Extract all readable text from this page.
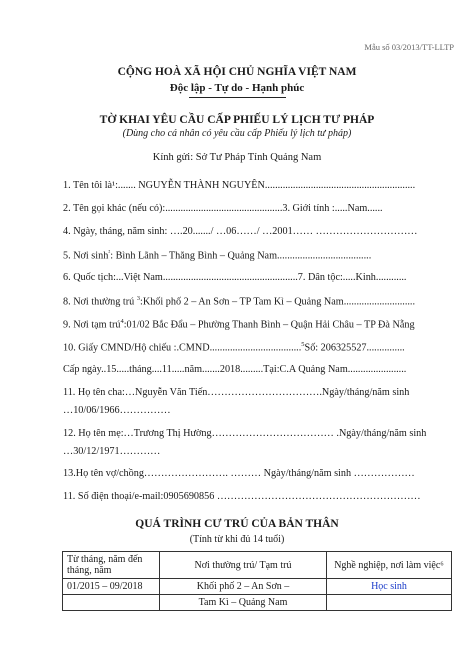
Mẫu số 03/2013/TT-LLTP
CỘNG HOÀ XÃ HỘI CHỦ NGHĨA VIỆT NAM
Độc lập - Tự do - Hạnh phúc
TỜ KHAI YÊU CẦU CẤP PHIẾU LÝ LỊCH TƯ PHÁP
(Dùng cho cá nhân có yêu cầu cấp Phiếu lý lịch tư pháp)
Kính gửi: Sở Tư Pháp Tỉnh Quảng Nam
1. Tên tôi là¹:....... NGUYỄN THÀNH NGUYÊN...........................................................
2. Tên gọi khác (nếu có):..............................................3. Giới tính :.....Nam......
4. Ngày, tháng, năm sinh: ….20......./ …06……/ …2001…… …………………………
5. Nơi $\sinh^{^2}$: Bình Lãnh – Thăng Bình – Quảng Nam.....................................
6. Quốc tịch:...Việt Nam.....................................................7. Dân tộc:.....Kinh............
8. Nơi thường trú $^3$:Khối phố 2 – An Sơn – TP Tam Kì – Quảng Nam............................
9. Nơi tạm trú$^4$:01/02 Bắc Đẩu – Phường Thanh Bình – Quận Hải Châu – TP Đà Nẵng
10. Giấy CMND/Hộ chiếu :.CMND....................................$^5$Số: 206325527...............
Cấp ngày..15.....tháng....11.....năm.......2018.........Tại:C.A Quảng Nam.......................
11. Họ tên cha:…Nguyễn Văn Tiến…………………………….Ngày/tháng/năm sinh
…10/06/1966……………
12. Họ tên mẹ:…Trương Thị Hường……………………………… .Ngày/tháng/năm sinh
…30/12/1971…………
13.Họ tên vợ/chồng……………………. ……… Ngày/tháng/năm sinh ………………
11. Số điện thoại/e-mail:0905690856 ……………………………………………………
QUÁ TRÌNH CƯ TRÚ CỦA BẢN THÂN
(Tính từ khi đủ 14 tuổi)
Từ tháng, năm đến tháng, năm	Nơi thường trú/ Tạm trú	Nghề nghiệp, nơi làm việc⁶
01/2015 – 09/2018	Khối phố 2 – An Sơn –	Học sinh
	Tam Kì – Quảng Nam	
